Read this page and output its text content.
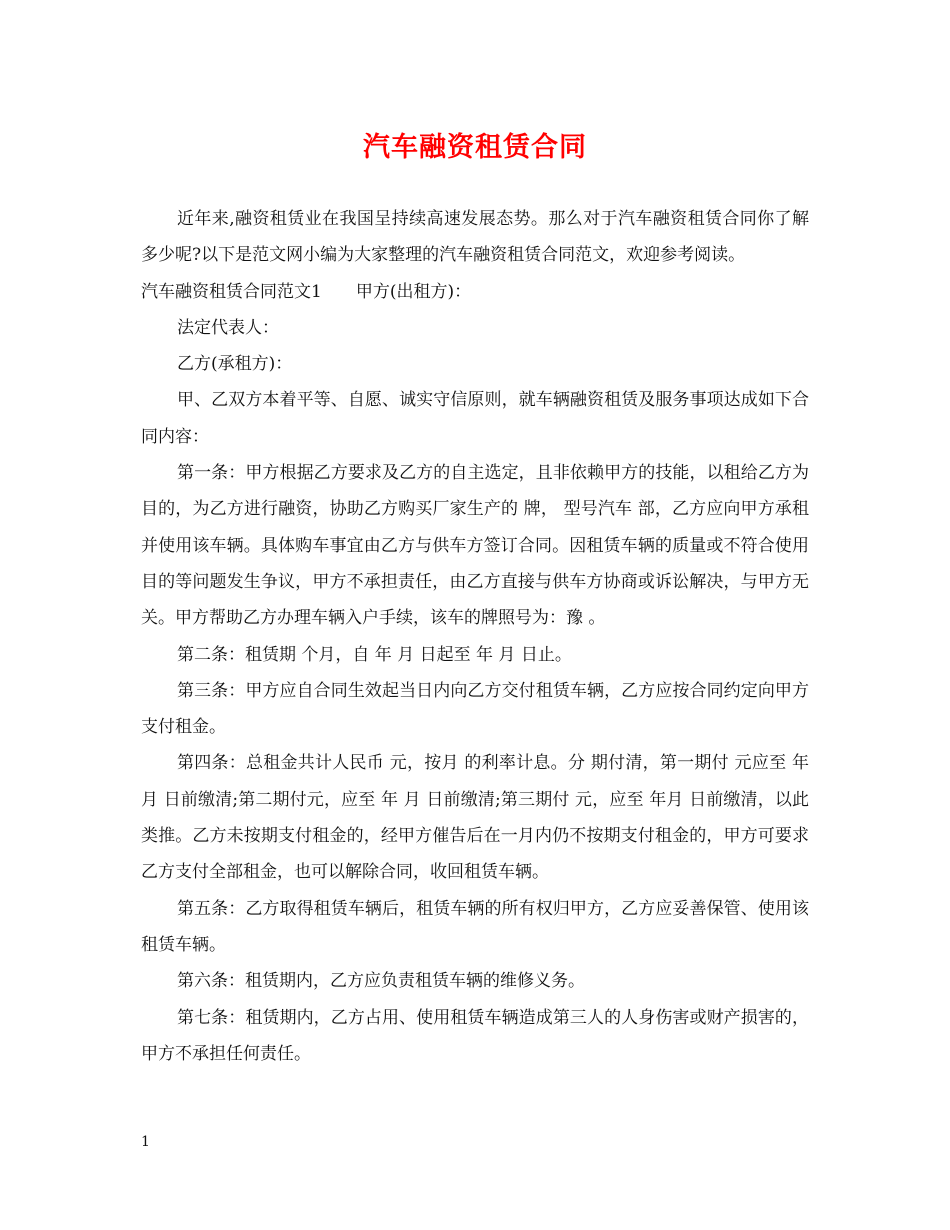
汽车融资租赁合同

近年来,融资租赁业在我国呈持续高速发展态势。那么对于汽车融资租赁合同你了解多少呢?以下是范文网小编为大家整理的汽车融资租赁合同范文，欢迎参考阅读。

汽车融资租赁合同范文1　　甲方(出租方)：

法定代表人：

乙方(承租方)：

甲、乙双方本着平等、自愿、诚实守信原则，就车辆融资租赁及服务事项达成如下合同内容：

第一条：甲方根据乙方要求及乙方的自主选定，且非依赖甲方的技能，以租给乙方为目的，为乙方进行融资，协助乙方购买厂家生产的 牌， 型号汽车 部，乙方应向甲方承租并使用该车辆。具体购车事宜由乙方与供车方签订合同。因租赁车辆的质量或不符合使用目的等问题发生争议，甲方不承担责任，由乙方直接与供车方协商或诉讼解决，与甲方无关。甲方帮助乙方办理车辆入户手续，该车的牌照号为：豫 。

第二条：租赁期 个月，自 年 月 日起至 年 月 日止。

第三条：甲方应自合同生效起当日内向乙方交付租赁车辆，乙方应按合同约定向甲方支付租金。

第四条：总租金共计人民币 元，按月 的利率计息。分 期付清，第一期付 元应至 年 月 日前缴清;第二期付元，应至 年 月 日前缴清;第三期付 元，应至 年月 日前缴清，以此类推。乙方未按期支付租金的，经甲方催告后在一月内仍不按期支付租金的，甲方可要求乙方支付全部租金，也可以解除合同，收回租赁车辆。

第五条：乙方取得租赁车辆后，租赁车辆的所有权归甲方，乙方应妥善保管、使用该租赁车辆。

第六条：租赁期内，乙方应负责租赁车辆的维修义务。

第七条：租赁期内，乙方占用、使用租赁车辆造成第三人的人身伤害或财产损害的，甲方不承担任何责任。

1
